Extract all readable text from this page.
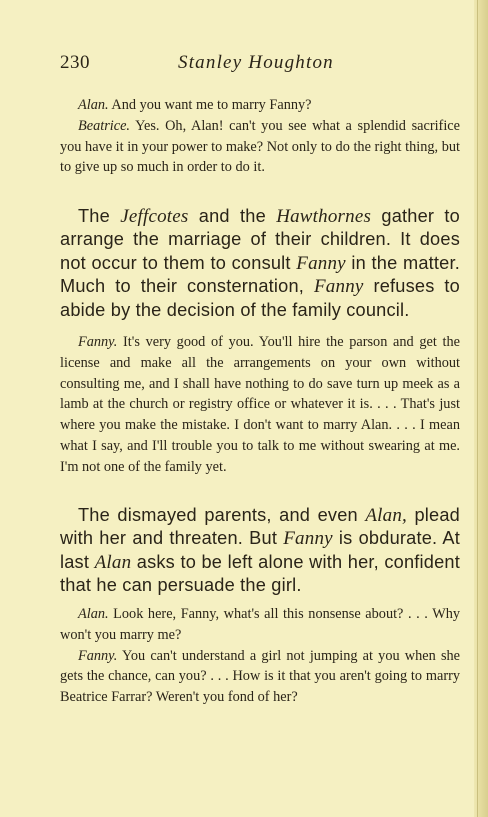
230	Stanley Houghton

Alan. And you want me to marry Fanny?

Beatrice. Yes. Oh, Alan! can't you see what a splendid sacrifice you have it in your power to make? Not only to do the right thing, but to give up so much in order to do it.

The Jeffcotes and the Hawthornes gather to arrange the marriage of their children. It does not occur to them to consult Fanny in the matter. Much to their consternation, Fanny refuses to abide by the decision of the family council.

Fanny. It's very good of you. You'll hire the parson and get the license and make all the arrangements on your own without consulting me, and I shall have nothing to do save turn up meek as a lamb at the church or registry office or whatever it is. . . . That's just where you make the mistake. I don't want to marry Alan. . . . I mean what I say, and I'll trouble you to talk to me without swearing at me. I'm not one of the family yet.

The dismayed parents, and even Alan, plead with her and threaten. But Fanny is obdurate. At last Alan asks to be left alone with her, confident that he can persuade the girl.

Alan. Look here, Fanny, what's all this nonsense about? . . . Why won't you marry me?

Fanny. You can't understand a girl not jumping at you when she gets the chance, can you? . . . How is it that you aren't going to marry Beatrice Farrar? Weren't you fond of her?
